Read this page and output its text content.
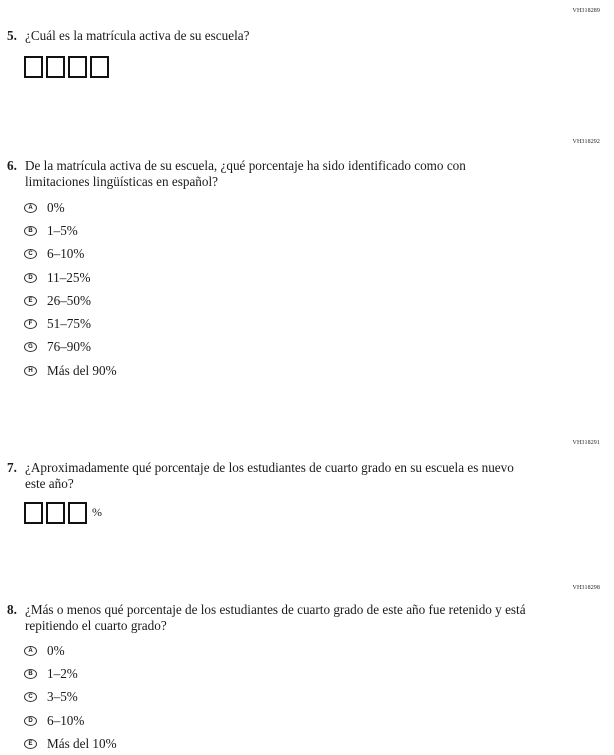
VH318289
5. ¿Cuál es la matrícula activa de su escuela?
VH318292
6. De la matrícula activa de su escuela, ¿qué porcentaje ha sido identificado como con limitaciones lingüísticas en español?
A	0%
B	1–5%
C	6–10%
D	11–25%
E	26–50%
F	51–75%
G	76–90%
H	Más del 90%
VH318291
7. ¿Aproximadamente qué porcentaje de los estudiantes de cuarto grado en su escuela es nuevo este año?
%
VH318298
8. ¿Más o menos qué porcentaje de los estudiantes de cuarto grado de este año fue retenido y está repitiendo el cuarto grado?
A	0%
B	1–2%
C	3–5%
D	6–10%
E	Más del 10%
